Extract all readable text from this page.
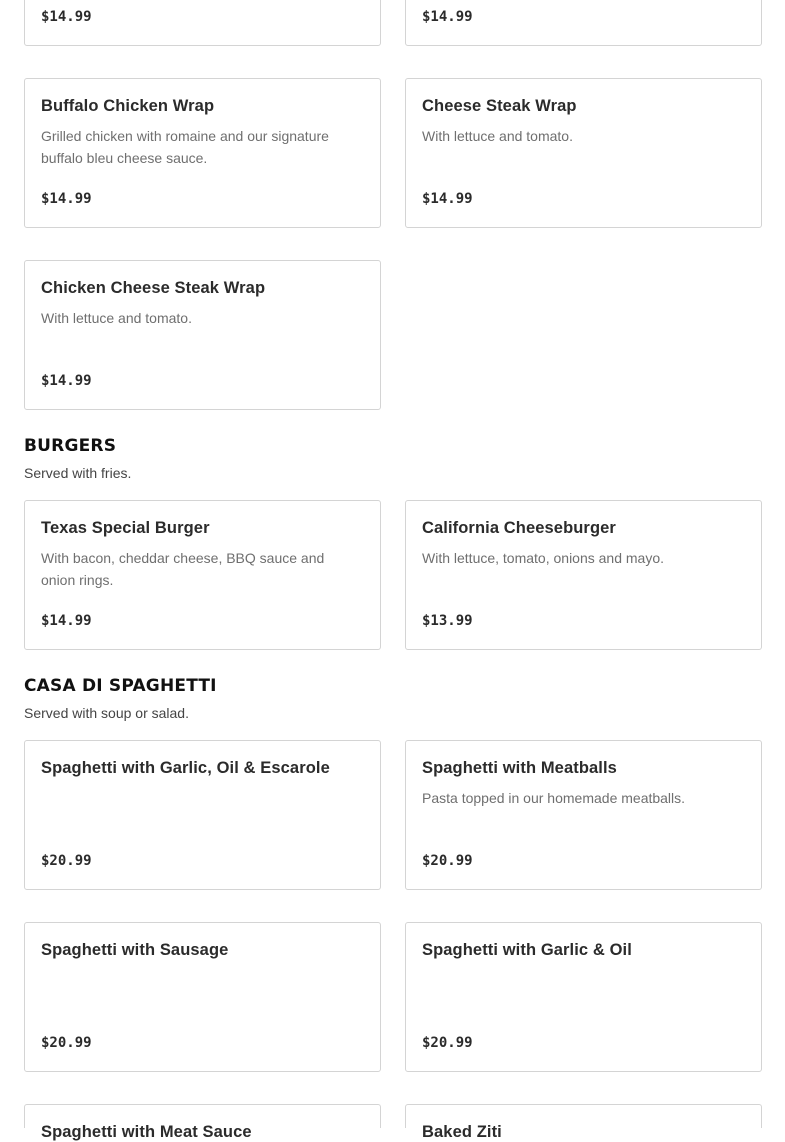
$14.99	$14.99
Buffalo Chicken Wrap
Grilled chicken with romaine and our signature buffalo bleu cheese sauce.
$14.99
Cheese Steak Wrap
With lettuce and tomato.
$14.99
Chicken Cheese Steak Wrap
With lettuce and tomato.
$14.99
BURGERS
Served with fries.
Texas Special Burger
With bacon, cheddar cheese, BBQ sauce and onion rings.
$14.99
California Cheeseburger
With lettuce, tomato, onions and mayo.
$13.99
CASA DI SPAGHETTI
Served with soup or salad.
Spaghetti with Garlic, Oil & Escarole
$20.99
Spaghetti with Meatballs
Pasta topped in our homemade meatballs.
$20.99
Spaghetti with Sausage
$20.99
Spaghetti with Garlic & Oil
$20.99
Spaghetti with Meat Sauce	Baked Ziti
